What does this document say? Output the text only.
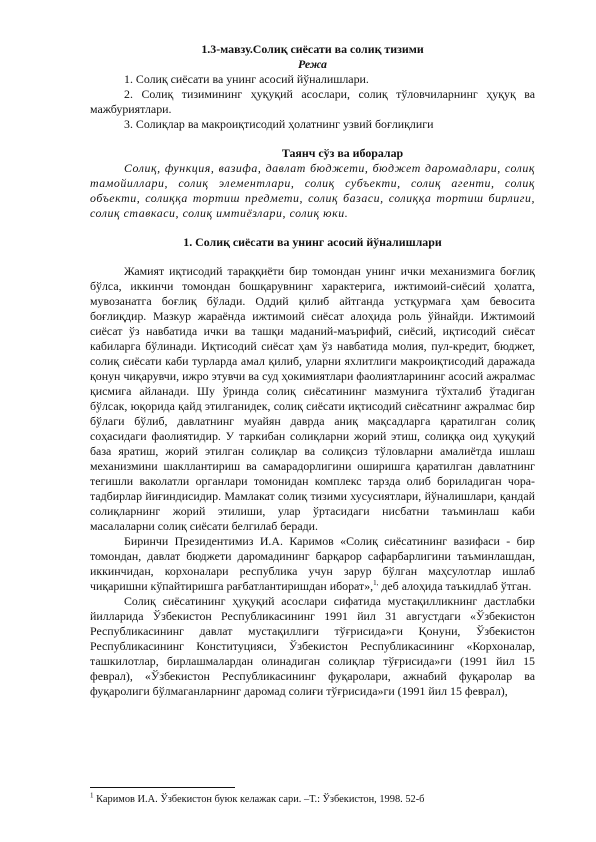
1.3-мавзу.Солиқ сиёсати ва солиқ тизими
Режа
1. Солиқ сиёсати ва унинг асосий йўналишлари.
2. Солиқ тизимининг ҳуқуқий асослари, солиқ тўловчиларнинг ҳуқуқ ва мажбуриятлари.
3. Солиқлар ва макроиқтисодий ҳолатнинг узвий боғлиқлиги
Таянч сўз ва иборалар
Солиқ, функция, вазифа, давлат бюджети, бюджет даромадлари, солиқ тамойиллари, солиқ элементлари, солиқ субъекти, солиқ агенти, солиқ объекти, солиққа тортиш предмети, солиқ базаси, солиққа тортиш бирлиги, солиқ ставкаси, солиқ имтиёзлари, солиқ юки.
1. Солиқ сиёсати ва унинг асосий йўналишлари

Жамият иқтисодий тараққиёти бир томондан унинг ички механизмига боғлиқ бўлса, иккинчи томондан бошқарувнинг характерига, ижтимоий-сиёсий ҳолатга, мувозанатга боғлиқ бўлади. Оддий қилиб айтганда устқурмага ҳам бевосита боғлиқдир. Мазкур жараёнда ижтимоий сиёсат алоҳида роль ўйнайди. Ижтимоий сиёсат ўз навбатида ички ва ташқи маданий-маърифий, сиёсий, иқтисодий сиёсат кабиларга бўлинади. Иқтисодий сиёсат ҳам ўз навбатида молия, пул-кредит, бюджет, солиқ сиёсати каби турларда амал қилиб, уларни яхлитлиги макроиқтисодий даражада қонун чиқарувчи, ижро этувчи ва суд ҳокимиятлари фаолиятларининг асосий ажралмас қисмига айланади. Шу ўринда солиқ сиёсатининг мазмунига тўхталиб ўтадиган бўлсак, юқорида қайд этилганидек, солиқ сиёсати иқтисодий сиёсатнинг ажралмас бир бўлаги бўлиб, давлатнинг муайян даврда аниқ мақсадларга қаратилган солиқ соҳасидаги фаолиятидир. У таркибан солиқларни жорий этиш, солиққа оид ҳуқуқий база яратиш, жорий этилган солиқлар ва солиқсиз тўловларни амалиётда ишлаш механизмини шакллантириш ва самарадорлигини оширишга қаратилган давлатнинг тегишли ваколатли органлари томонидан комплекс тарзда олиб бориладиган чора-тадбирлар йиғиндисидир. Мамлакат солиқ тизими хусусиятлари, йўналишлари, қандай солиқларнинг жорий этилиши, улар ўртасидаги нисбатни таъминлаш каби масалаларни солиқ сиёсати белгилаб беради.

Биринчи Президентимиз И.А. Каримов «Солиқ сиёсатининг вазифаси - бир томондан, давлат бюджети даромадининг барқарор сафарбарлигини таъминлашдан, иккинчидан, корхоналари республика учун зарур бўлган маҳсулотлар ишлаб чиқаришни кўпайтиришга рағбатлантиришдан иборат»,$^{1,}$ деб алоҳида таъкидлаб ўтган.

Солиқ сиёсатининг ҳуқуқий асослари сифатида мустақилликнинг дастлабки йилларида Ўзбекистон Республикасининг 1991 йил 31 августдаги «Ўзбекистон Республикасининг давлат мустақиллиги тўғрисида»ги Қонуни, Ўзбекистон Республикасининг Конституцияси, Ўзбекистон Республикасининг «Корхоналар, ташкилотлар, бирлашмалардан олинадиган солиқлар тўғрисида»ги (1991 йил 15 феврал), «Ўзбекистон Республикасининг фуқаролари, ажнабий фуқаролар ва фуқаролиги бўлмаганларнинг даромад солиғи тўғрисида»ги (1991 йил 15 феврал),

$^1$ Каримов И.А. Ўзбекистон буюк келажак сари. –Т.: Ўзбекистон, 1998. 52-б
